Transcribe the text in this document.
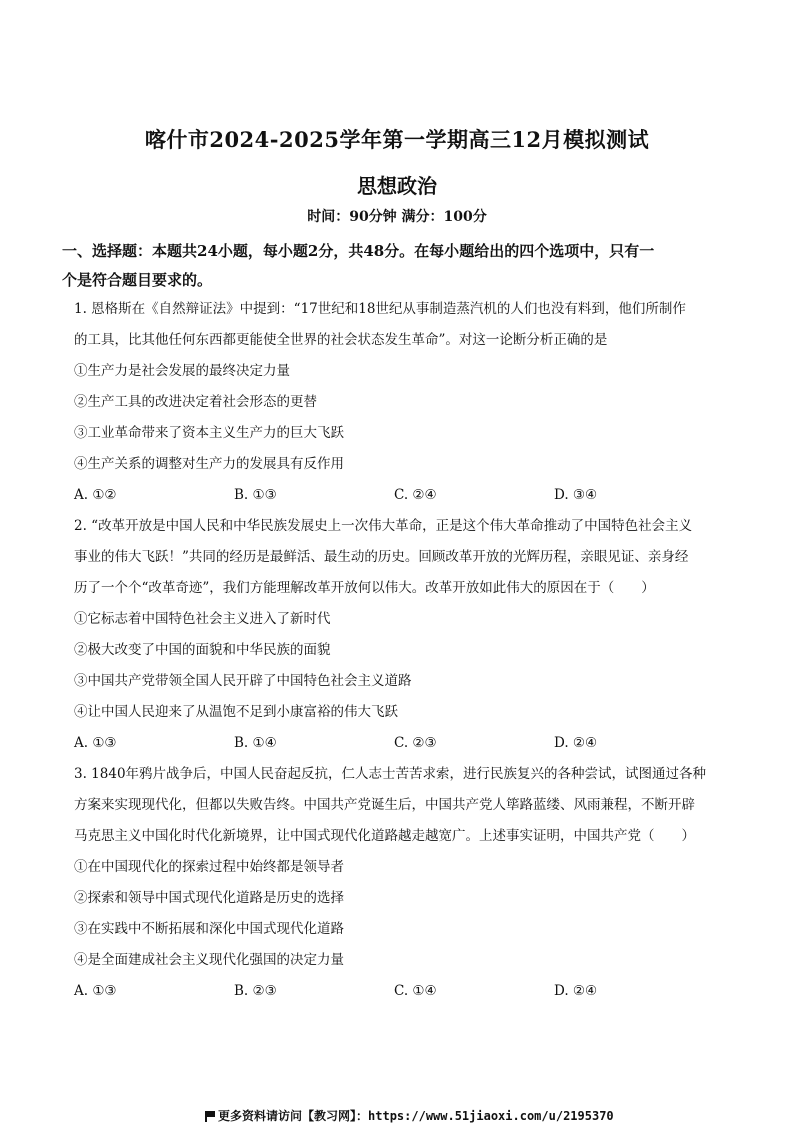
喀什市2024-2025学年第一学期高三12月模拟测试
思想政治
时间：90分钟 满分：100分
一、选择题：本题共24小题，每小题2分，共48分。在每小题给出的四个选项中，只有一
个是符合题目要求的。
1. 恩格斯在《自然辩证法》中提到：“17世纪和18世纪从事制造蒸汽机的人们也没有料到，他们所制作
的工具，比其他任何东西都更能使全世界的社会状态发生革命”。对这一论断分析正确的是
①生产力是社会发展的最终决定力量
②生产工具的改进决定着社会形态的更替
③工业革命带来了资本主义生产力的巨大飞跃
④生产关系的调整对生产力的发展具有反作用
A. ①②	B. ①③	C. ②④	D. ③④
2. “改革开放是中国人民和中华民族发展史上一次伟大革命，正是这个伟大革命推动了中国特色社会主义
事业的伟大飞跃！”共同的经历是最鲜活、最生动的历史。回顾改革开放的光辉历程，亲眼见证、亲身经
历了一个个“改革奇迹”，我们方能理解改革开放何以伟大。改革开放如此伟大的原因在于（　　）
①它标志着中国特色社会主义进入了新时代
②极大改变了中国的面貌和中华民族的面貌
③中国共产党带领全国人民开辟了中国特色社会主义道路
④让中国人民迎来了从温饱不足到小康富裕的伟大飞跃
A. ①③	B. ①④	C. ②③	D. ②④
3. 1840年鸦片战争后，中国人民奋起反抗，仁人志士苦苦求索，进行民族复兴的各种尝试，试图通过各种
方案来实现现代化，但都以失败告终。中国共产党诞生后，中国共产党人筚路蓝缕、风雨兼程，不断开辟
马克思主义中国化时代化新境界，让中国式现代化道路越走越宽广。上述事实证明，中国共产党（　　）
①在中国现代化的探索过程中始终都是领导者
②探索和领导中国式现代化道路是历史的选择
③在实践中不断拓展和深化中国式现代化道路
④是全面建成社会主义现代化强国的决定力量
A. ①③	B. ②③	C. ①④	D. ②④
更多资料请访问【教习网】：https://www.51jiaoxi.com/u/2195370
